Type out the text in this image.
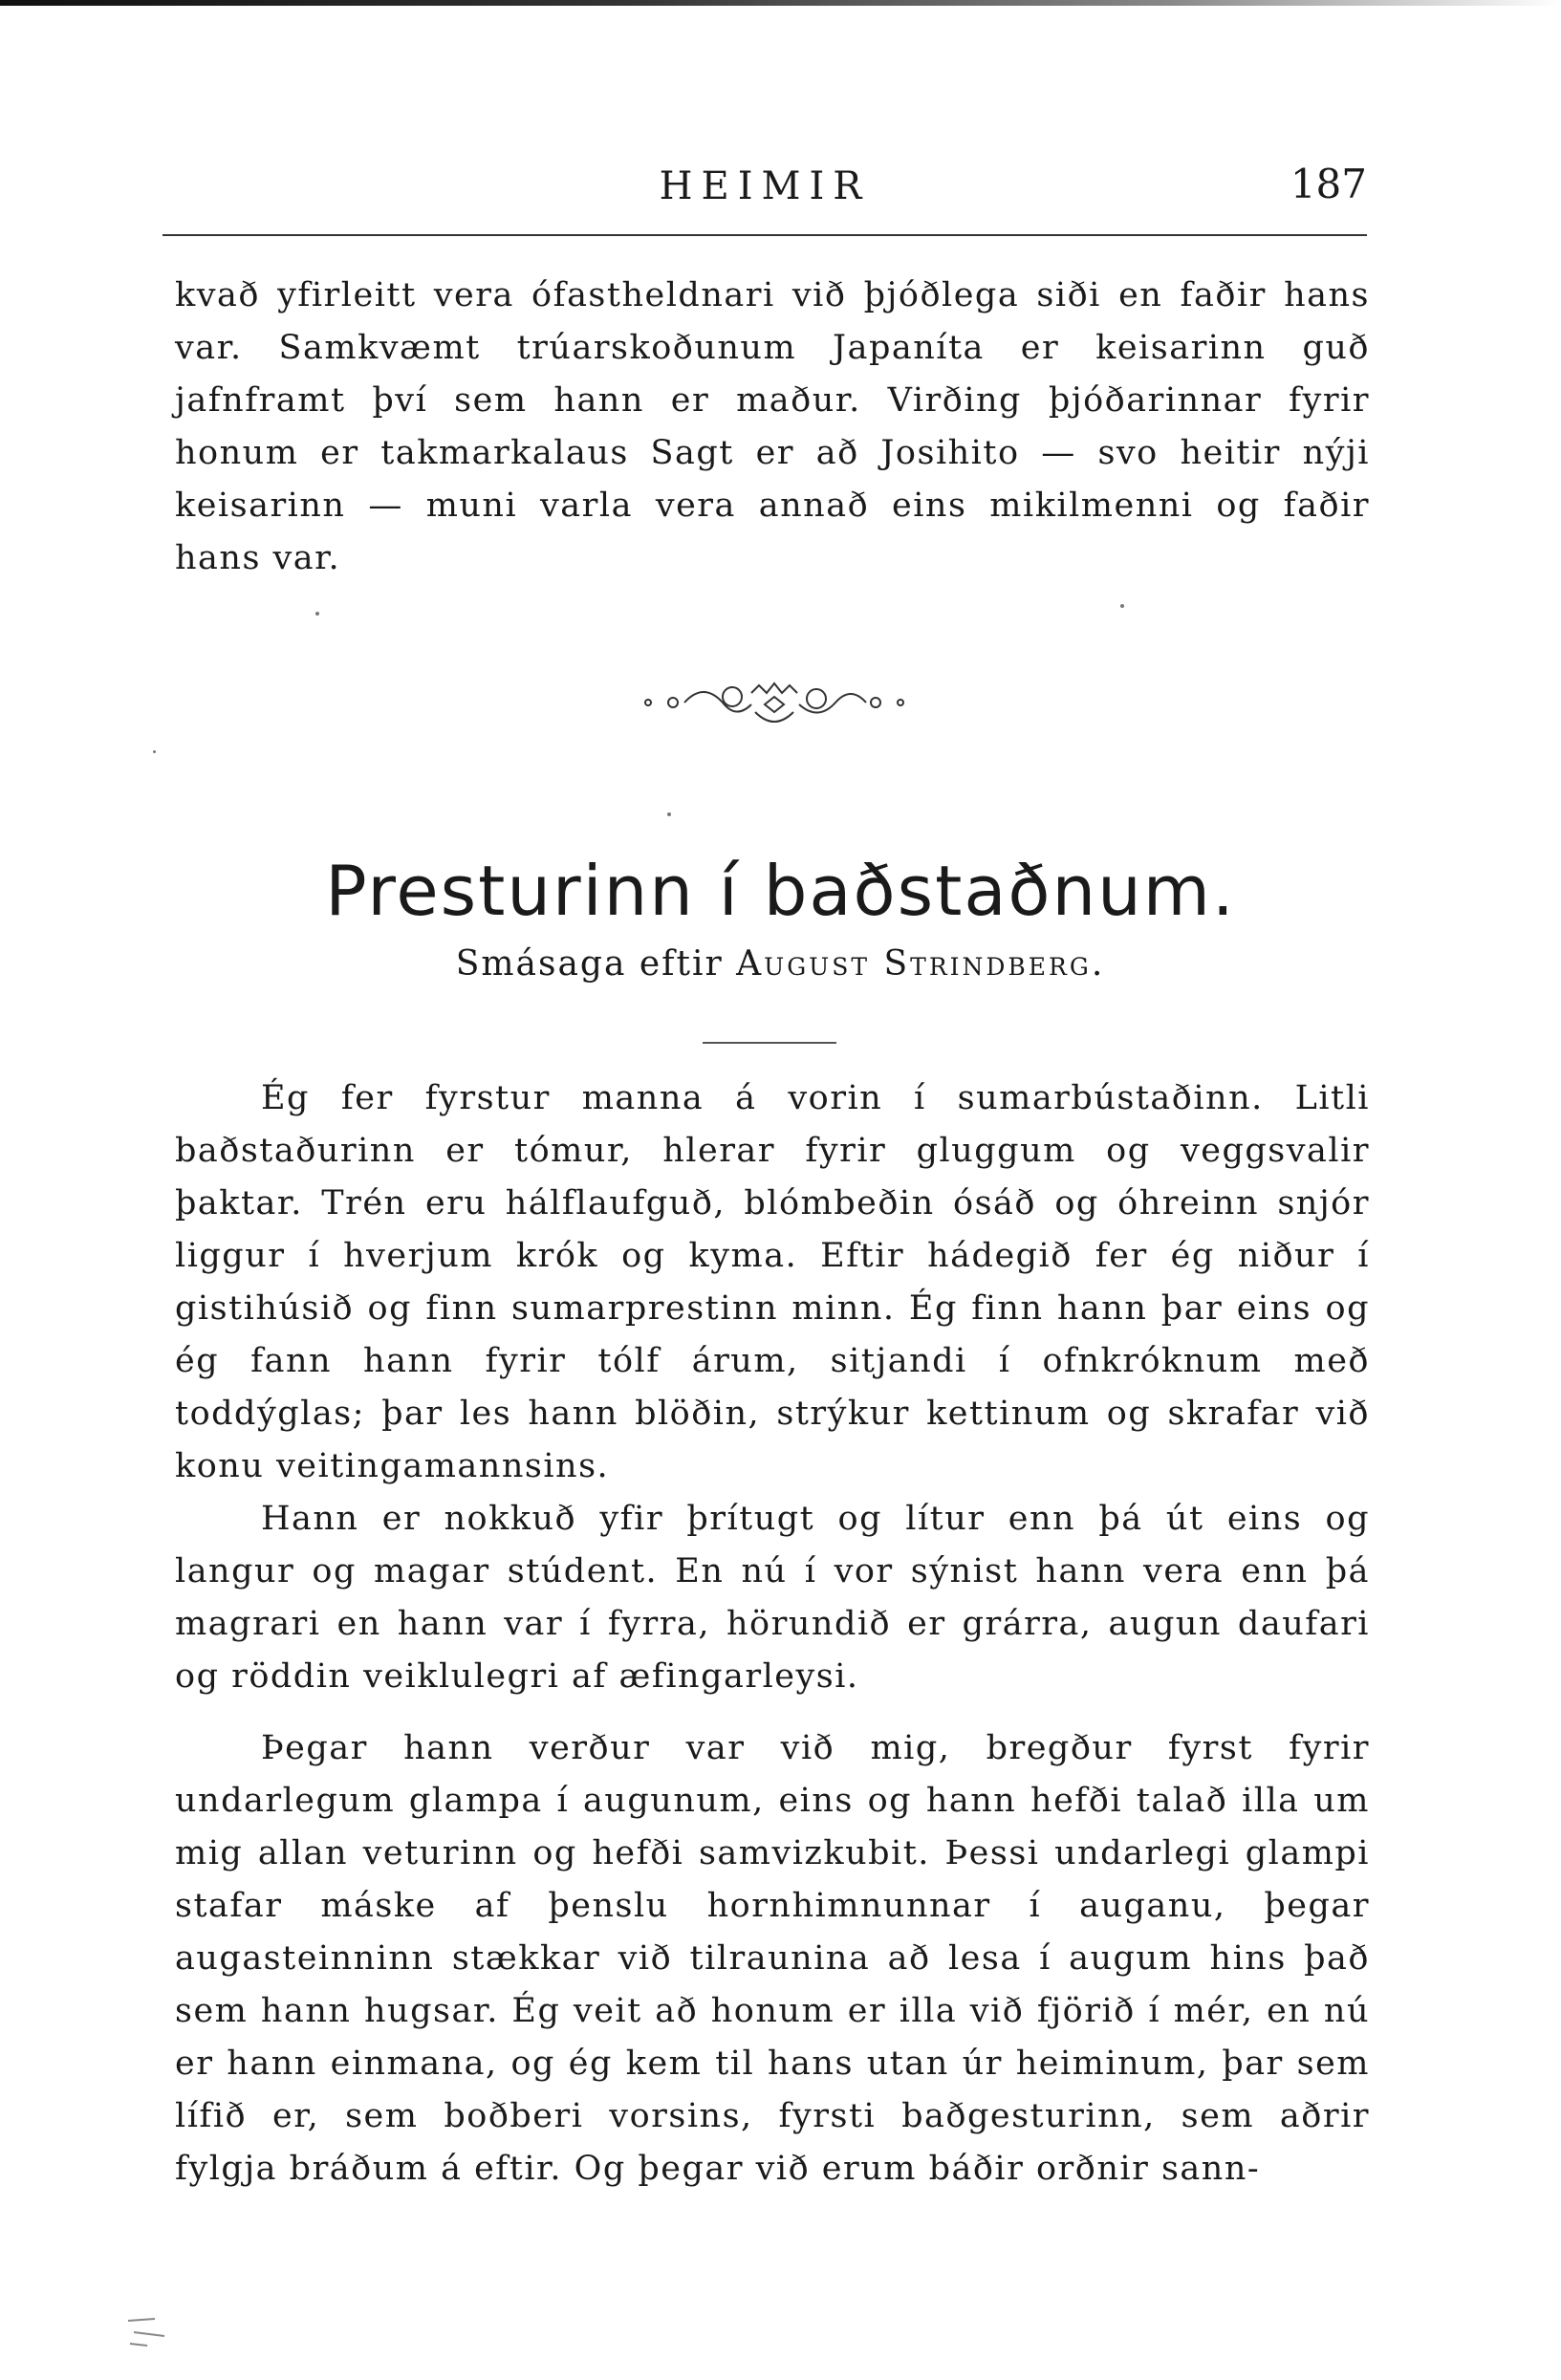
HEIMIR	187

kvað yfirleitt vera ófastheldnari við þjóðlega siði en faðir hans var. Samkvæmt trúarskoðunum Japaníta er keisarinn guð jafnframt því sem hann er maður. Virðing þjóðarinnar fyrir honum er takmarkalaus Sagt er að Josihito — svo heitir nýji keisarinn — muni varla vera annað eins mikilmenni og faðir hans var.

Presturinn í baðstaðnum.
Smásaga eftir August Strindberg.

Ég fer fyrstur manna á vorin í sumarbústaðinn. Litli baðstaðurinn er tómur, hlerar fyrir gluggum og veggsvalir þaktar. Trén eru hálflaufguð, blómbeðin ósáð og óhreinn snjór liggur í hverjum krók og kyma. Eftir hádegið fer ég niður í gistihúsið og finn sumarprestinn minn. Ég finn hann þar eins og ég fann hann fyrir tólf árum, sitjandi í ofnkróknum með toddýglas; þar les hann blöðin, strýkur kettinum og skrafar við konu veitingamannsins.

Hann er nokkuð yfir þrítugt og lítur enn þá út eins og langur og magar stúdent. En nú í vor sýnist hann vera enn þá magrari en hann var í fyrra, hörundið er grárra, augun daufari og röddin veiklulegri af æfingarleysi.

Þegar hann verður var við mig, bregður fyrst fyrir undarlegum glampa í augunum, eins og hann hefði talað illa um mig allan veturinn og hefði samvizkubit. Þessi undarlegi glampi stafar máske af þenslu hornhimnunnar í auganu, þegar augasteinninn stækkar við tilraunina að lesa í augum hins það sem hann hugsar. Ég veit að honum er illa við fjörið í mér, en nú er hann einmana, og ég kem til hans utan úr heiminum, þar sem lífið er, sem boðberi vorsins, fyrsti baðgesturinn, sem aðrir fylgja bráðum á eftir. Og þegar við erum báðir orðnir sann-
